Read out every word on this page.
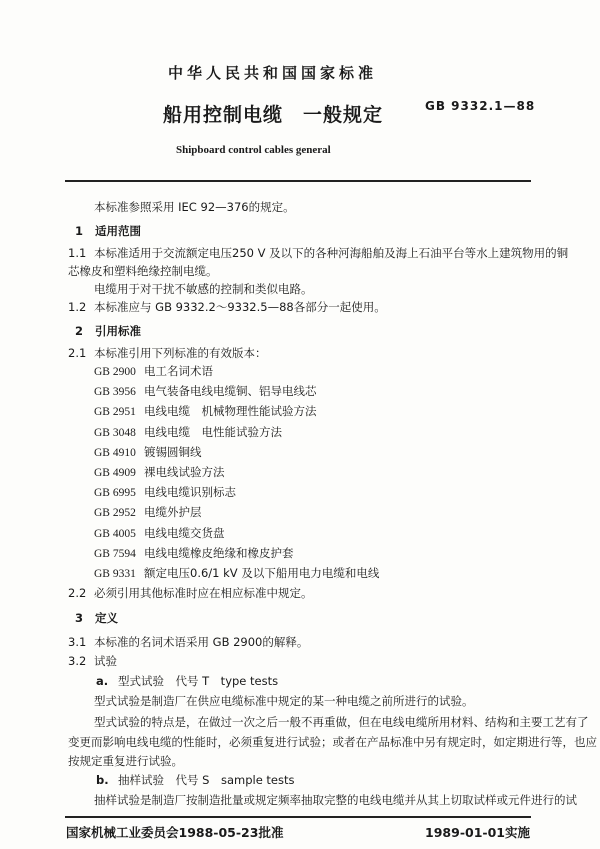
中华人民共和国国家标准
GB 9332.1—88
船用控制电缆　一般规定
Shipboard control cables general
本标准参照采用 IEC 92—376的规定。
1 适用范围
1.1 本标准适用于交流额定电压250 V 及以下的各种河海船舶及海上石油平台等水上建筑物用的铜
芯橡皮和塑料绝缘控制电缆。
电缆用于对干扰不敏感的控制和类似电路。
1.2 本标准应与 GB 9332.2～9332.5—88各部分一起使用。
2 引用标准
2.1 本标准引用下列标准的有效版本：
GB 2900 电工名词术语
GB 3956 电气装备电线电缆铜、铝导电线芯
GB 2951 电线电缆　机械物理性能试验方法
GB 3048 电线电缆　电性能试验方法
GB 4910 镀锡圆铜线
GB 4909 裸电线试验方法
GB 6995 电线电缆识别标志
GB 2952 电缆外护层
GB 4005 电线电缆交货盘
GB 7594 电线电缆橡皮绝缘和橡皮护套
GB 9331 额定电压0.6/1 kV 及以下船用电力电缆和电线
2.2 必须引用其他标准时应在相应标准中规定。
3 定义
3.1 本标准的名词术语采用 GB 2900的解释。
3.2 试验
a. 型式试验　代号 T　type tests
型式试验是制造厂在供应电缆标准中规定的某一种电缆之前所进行的试验。
型式试验的特点是，在做过一次之后一般不再重做，但在电线电缆所用材料、结构和主要工艺有了
变更而影响电线电缆的性能时，必须重复进行试验；或者在产品标准中另有规定时，如定期进行等，也应
按规定重复进行试验。
b. 抽样试验　代号 S　sample tests
抽样试验是制造厂按制造批量或规定频率抽取完整的电线电缆并从其上切取试样或元件进行的试
国家机械工业委员会1988-05-23批准	1989-01-01实施
